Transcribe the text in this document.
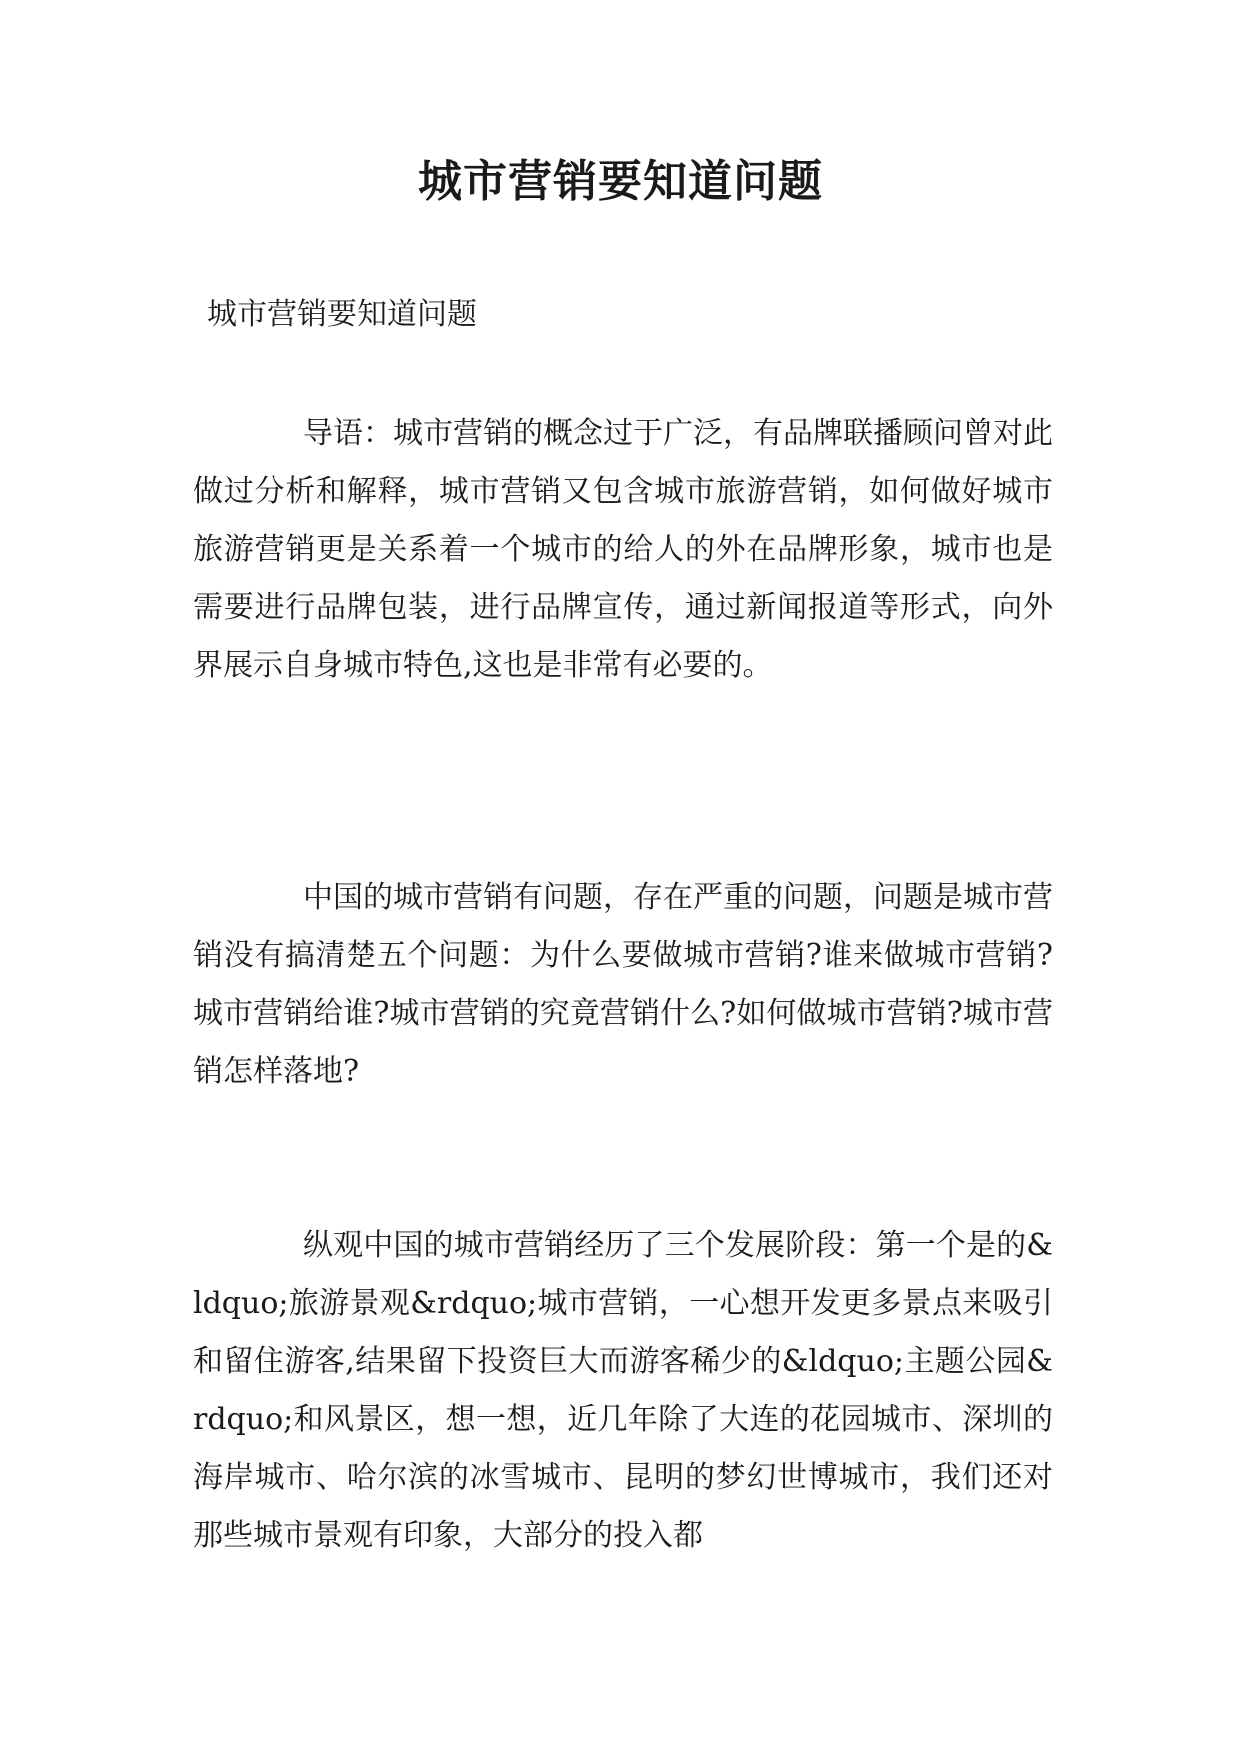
城市营销要知道问题

城市营销要知道问题

导语：城市营销的概念过于广泛，有品牌联播顾问曾对此做过分析和解释，城市营销又包含城市旅游营销，如何做好城市旅游营销更是关系着一个城市的给人的外在品牌形象，城市也是需要进行品牌包装，进行品牌宣传，通过新闻报道等形式，向外界展示自身城市特色,这也是非常有必要的。

中国的城市营销有问题，存在严重的问题，问题是城市营销没有搞清楚五个问题：为什么要做城市营销?谁来做城市营销?城市营销给谁?城市营销的究竟营销什么?如何做城市营销?城市营销怎样落地?

纵观中国的城市营销经历了三个发展阶段：第一个是的&ldquo;旅游景观&rdquo;城市营销，一心想开发更多景点来吸引和留住游客,结果留下投资巨大而游客稀少的&ldquo;主题公园&rdquo;和风景区，想一想，近几年除了大连的花园城市、深圳的海岸城市、哈尔滨的冰雪城市、昆明的梦幻世博城市，我们还对那些城市景观有印象，大部分的投入都
